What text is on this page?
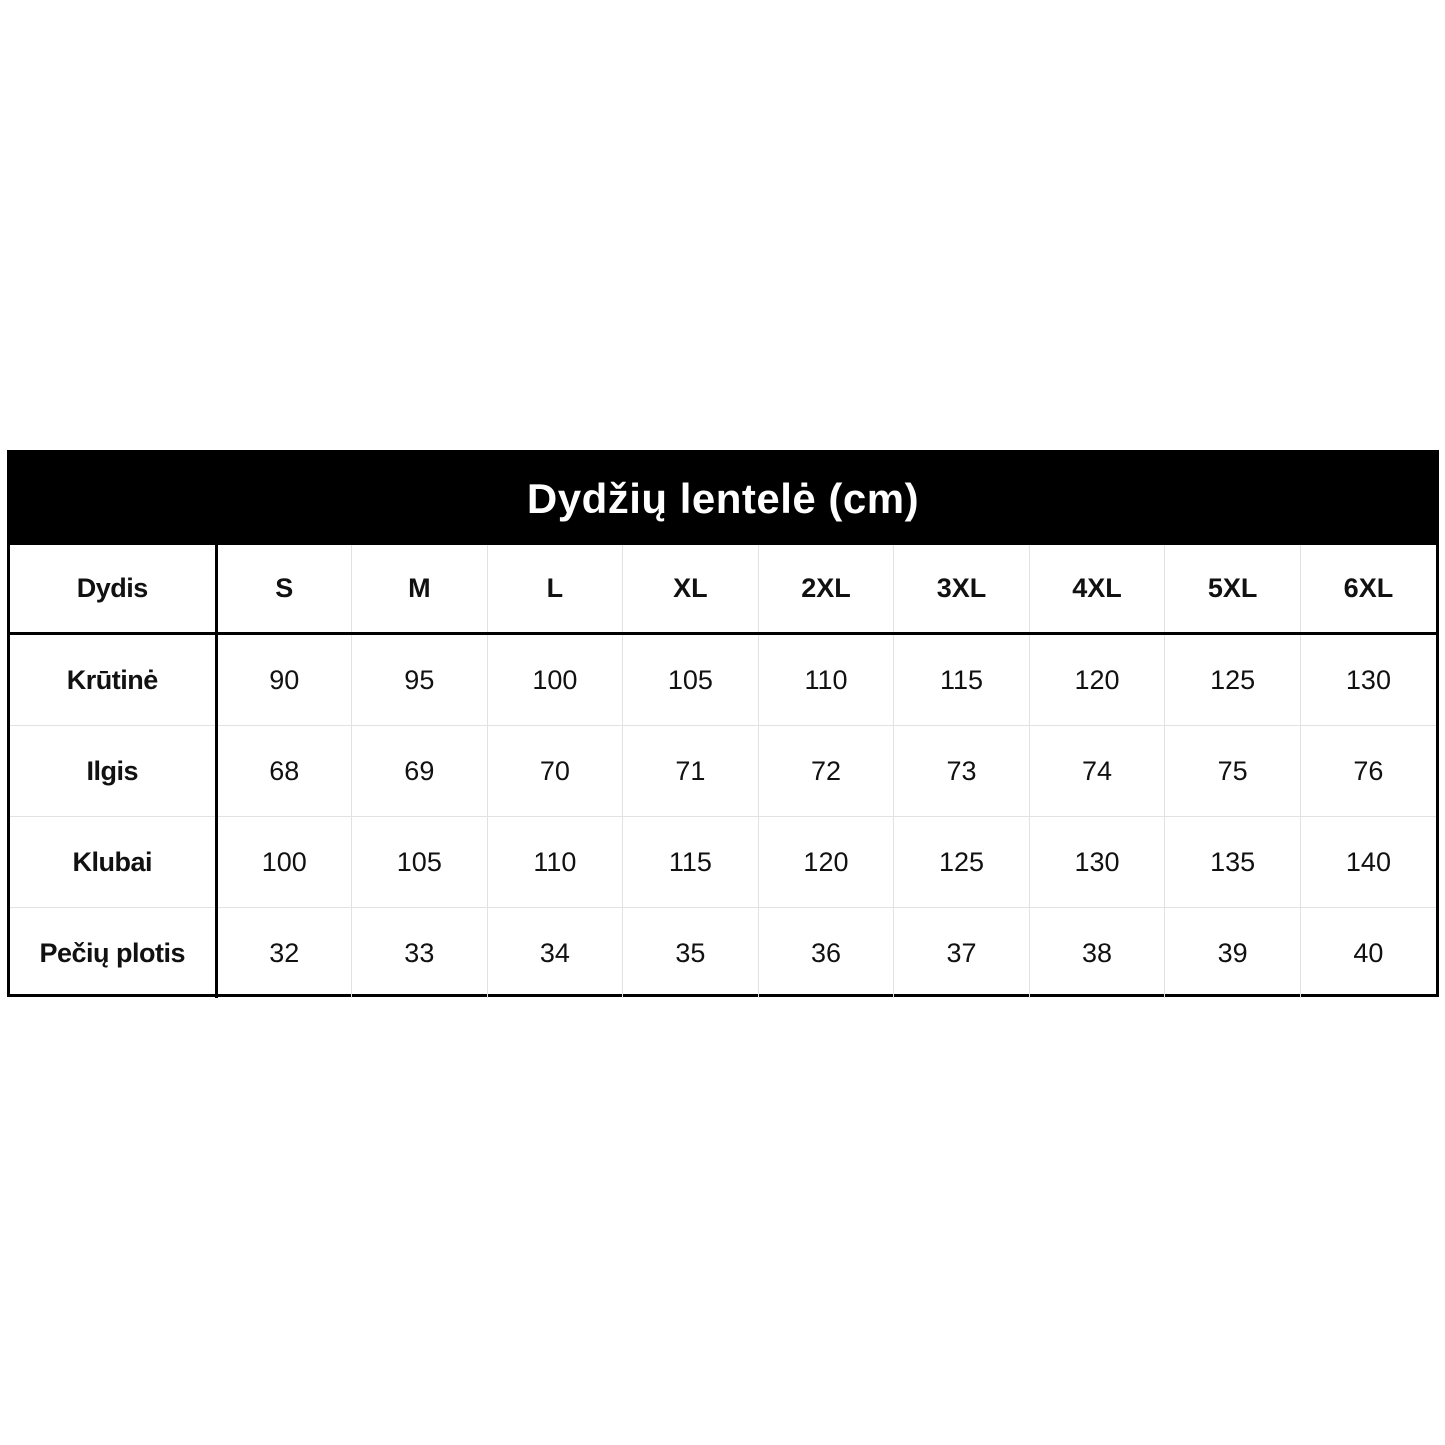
Dydžių lentelė (cm)
Dydis	S	M	L	XL	2XL	3XL	4XL	5XL	6XL
Krūtinė	90	95	100	105	110	115	120	125	130
Ilgis	68	69	70	71	72	73	74	75	76
Klubai	100	105	110	115	120	125	130	135	140
Pečių plotis	32	33	34	35	36	37	38	39	40
